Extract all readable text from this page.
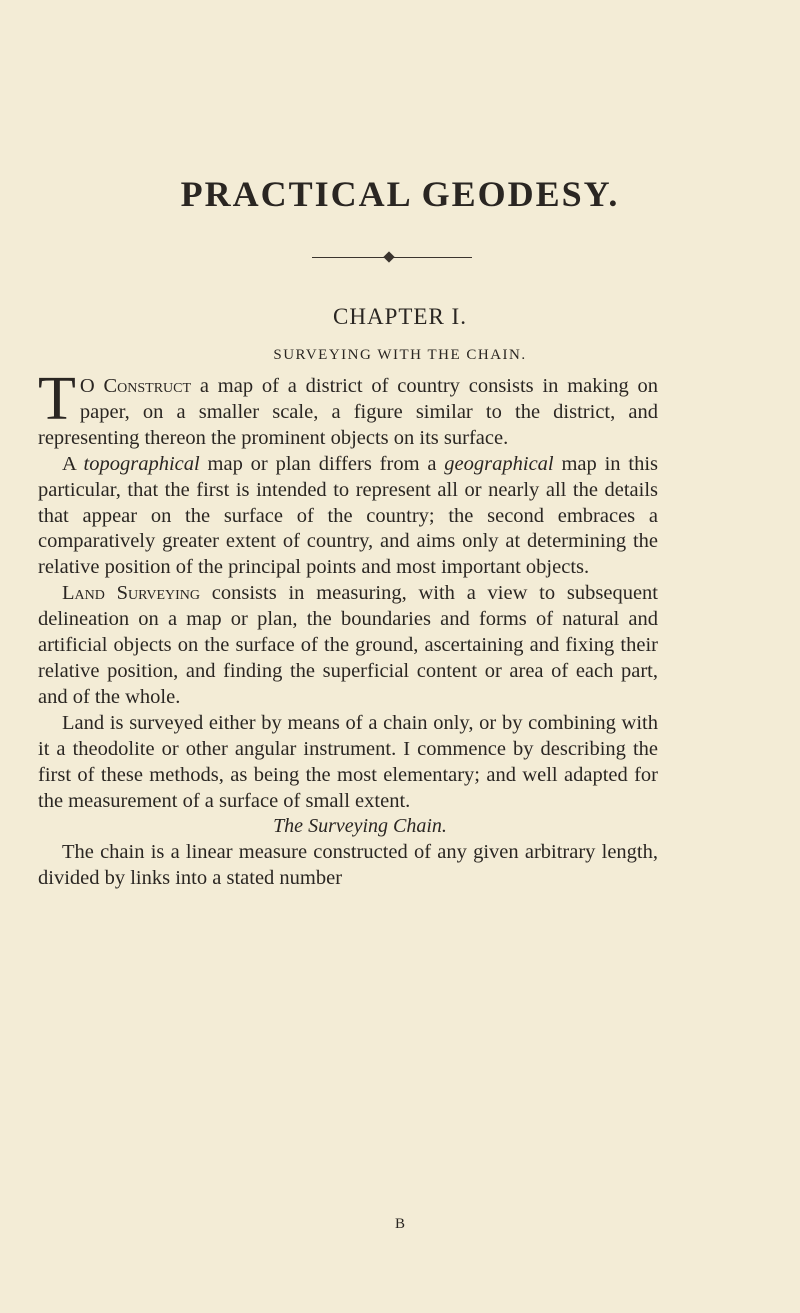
PRACTICAL GEODESY.
CHAPTER I.
SURVEYING WITH THE CHAIN.

T O Construct a map of a district of country consists in making on paper, on a smaller scale, a figure similar to the district, and representing thereon the prominent objects on its surface.

A topographical map or plan differs from a geographical map in this particular, that the first is intended to represent all or nearly all the details that appear on the surface of the country; the second embraces a comparatively greater extent of country, and aims only at determining the relative position of the principal points and most important objects.

Land Surveying consists in measuring, with a view to subsequent delineation on a map or plan, the boundaries and forms of natural and artificial objects on the surface of the ground, ascertaining and fixing their relative position, and finding the superficial content or area of each part, and of the whole.

Land is surveyed either by means of a chain only, or by combining with it a theodolite or other angular instrument. I commence by describing the first of these methods, as being the most elementary; and well adapted for the measurement of a surface of small extent.

The Surveying Chain.

The chain is a linear measure constructed of any given arbitrary length, divided by links into a stated number

B
